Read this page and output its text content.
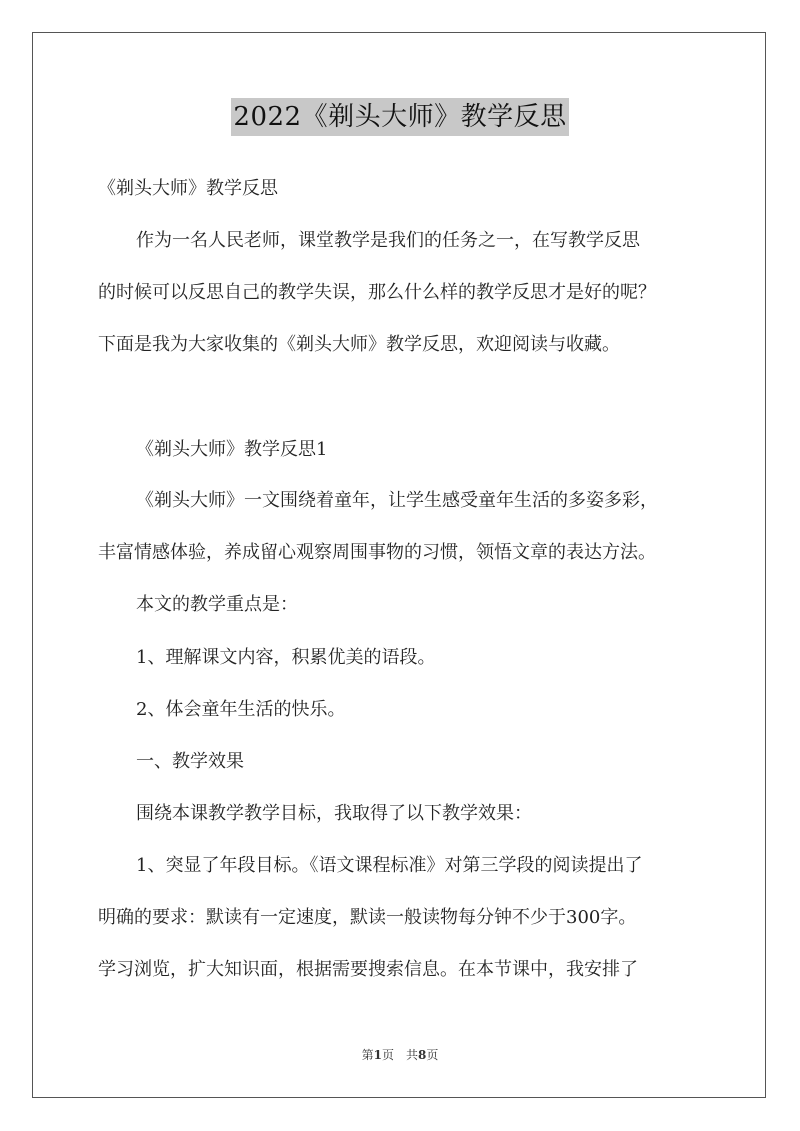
2022《剃头大师》教学反思
《剃头大师》教学反思
作为一名人民老师，课堂教学是我们的任务之一，在写教学反思
的时候可以反思自己的教学失误，那么什么样的教学反思才是好的呢？
下面是我为大家收集的《剃头大师》教学反思，欢迎阅读与收藏。
《剃头大师》教学反思1
《剃头大师》一文围绕着童年，让学生感受童年生活的多姿多彩，
丰富情感体验，养成留心观察周围事物的习惯，领悟文章的表达方法。
本文的教学重点是：
1、理解课文内容，积累优美的语段。
2、体会童年生活的快乐。
一、教学效果
围绕本课教学教学目标，我取得了以下教学效果：
1、突显了年段目标。《语文课程标准》对第三学段的阅读提出了
明确的要求：默读有一定速度，默读一般读物每分钟不少于300字。
学习浏览，扩大知识面，根据需要搜索信息。在本节课中，我安排了
第1页　共8页
